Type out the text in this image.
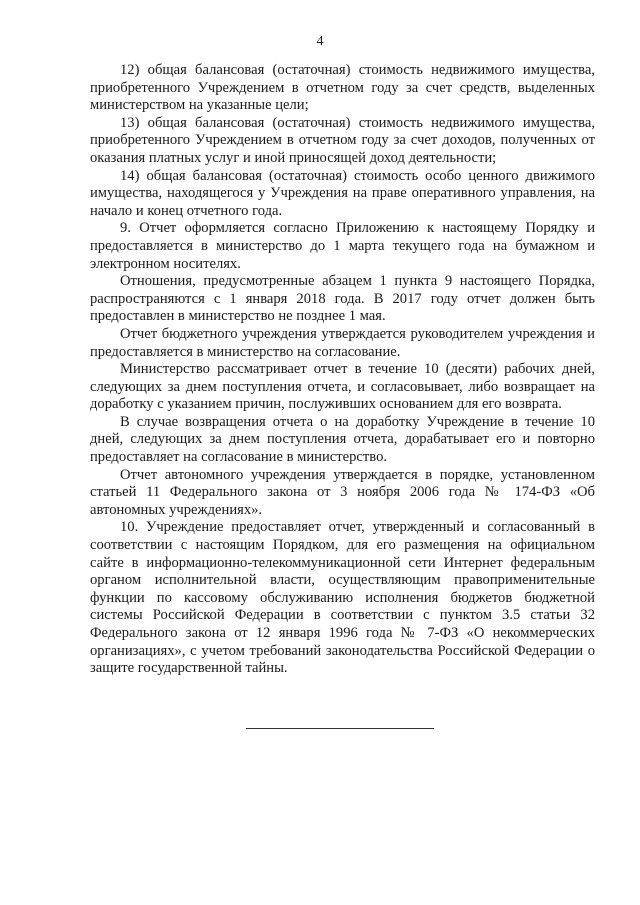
4

12) общая балансовая (остаточная) стоимость недвижимого имущества, приобретенного Учреждением в отчетном году за счет средств, выделенных министерством на указанные цели;

13) общая балансовая (остаточная) стоимость недвижимого имущества, приобретенного Учреждением в отчетном году за счет доходов, полученных от оказания платных услуг и иной приносящей доход деятельности;

14) общая балансовая (остаточная) стоимость особо ценного движимого имущества, находящегося у Учреждения на праве оперативного управления, на начало и конец отчетного года.

9. Отчет оформляется согласно Приложению к настоящему Порядку и предоставляется в министерство до 1 марта текущего года на бумажном и электронном носителях.

Отношения, предусмотренные абзацем 1 пункта 9 настоящего Порядка, распространяются с 1 января 2018 года. В 2017 году отчет должен быть предоставлен в министерство не позднее 1 мая.

Отчет бюджетного учреждения утверждается руководителем учреждения и предоставляется в министерство на согласование.

Министерство рассматривает отчет в течение 10 (десяти) рабочих дней, следующих за днем поступления отчета, и согласовывает, либо возвращает на доработку с указанием причин, послуживших основанием для его возврата.

В случае возвращения отчета о на доработку Учреждение в течение 10 дней, следующих за днем поступления отчета, дорабатывает его и повторно предоставляет на согласование в министерство.

Отчет автономного учреждения утверждается в порядке, установленном статьей 11 Федерального закона от 3 ноября 2006 года № 174-ФЗ «Об автономных учреждениях».

10. Учреждение предоставляет отчет, утвержденный и согласованный в соответствии с настоящим Порядком, для его размещения на официальном сайте в информационно-телекоммуникационной сети Интернет федеральным органом исполнительной власти, осуществляющим правоприменительные функции по кассовому обслуживанию исполнения бюджетов бюджетной системы Российской Федерации в соответствии с пунктом 3.5 статьи 32 Федерального закона от 12 января 1996 года № 7-ФЗ «О некоммерческих организациях», с учетом требований законодательства Российской Федерации о защите государственной тайны.
